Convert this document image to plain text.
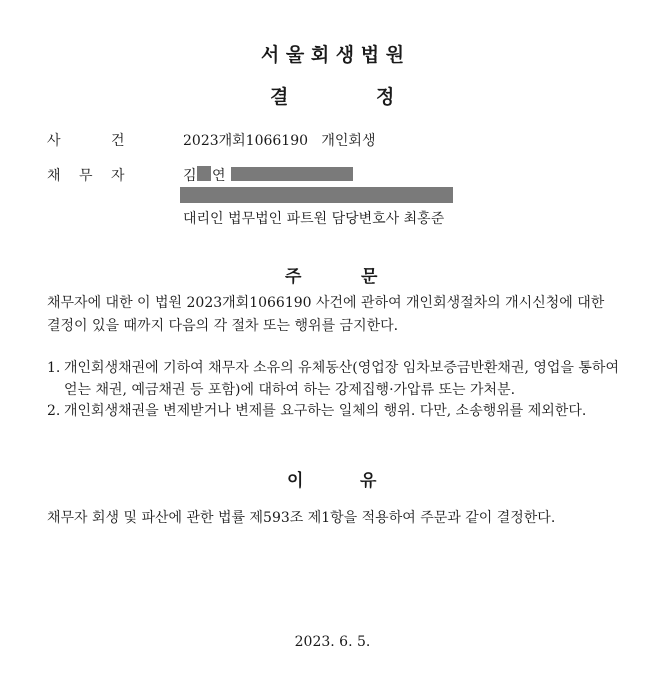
서 울 회 생 법 원
결	정
사	건	2023개회1066190   개인회생
채 무 자	김 연
대리인 법무법인 파트원 담당변호사 최홍준
주	문
채무자에 대한 이 법원 2023개회1066190 사건에 관하여 개인회생절차의 개시신청에 대한 결정이 있을 때까지 다음의 각 절차 또는 행위를 금지한다.
1. 개인회생채권에 기하여 채무자 소유의 유체동산(영업장 임차보증금반환채권, 영업을 통하여 얻는 채권, 예금채권 등 포함)에 대하여 하는 강제집행·가압류 또는 가처분.
2. 개인회생채권을 변제받거나 변제를 요구하는 일체의 행위. 다만, 소송행위를 제외한다.
이	유
채무자 회생 및 파산에 관한 법률 제593조 제1항을 적용하여 주문과 같이 결정한다.
2023. 6. 5.
